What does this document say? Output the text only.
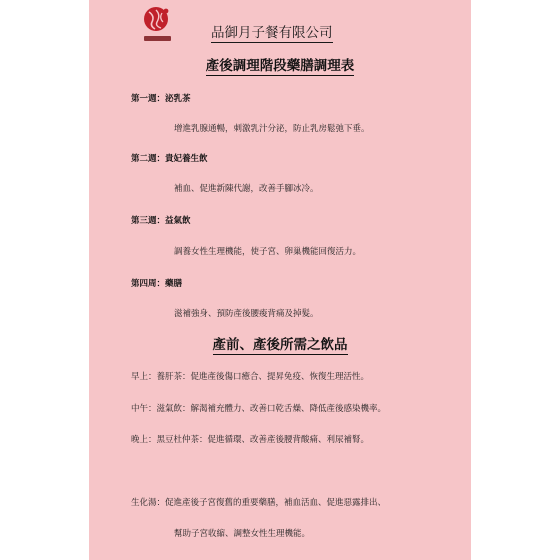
品御月子餐有限公司
產後調理階段藥膳調理表
第一週：泌乳茶
增進乳腺通暢，刺激乳汁分泌，防止乳房鬆弛下垂。
第二週：貴妃養生飲
補血、促進新陳代謝，改善手腳冰冷。
第三週：益氣飲
調養女性生理機能，使子宮、卵巢機能回復活力。
第四周：藥膳
滋補強身、預防產後腰痠背痛及掉髮。
產前、產後所需之飲品
早上：養肝茶：促進產後傷口癒合、提昇免疫、恢復生理活性。
中午：滋氣飲：解渴補充體力、改善口乾舌燥、降低產後感染機率。
晚上：黑豆杜仲茶：促進循環、改善產後腰背酸痛、利尿補腎。
生化湯：促進產後子宮復舊的重要藥膳，補血活血、促進惡露排出、
幫助子宮收縮、調整女性生理機能。
